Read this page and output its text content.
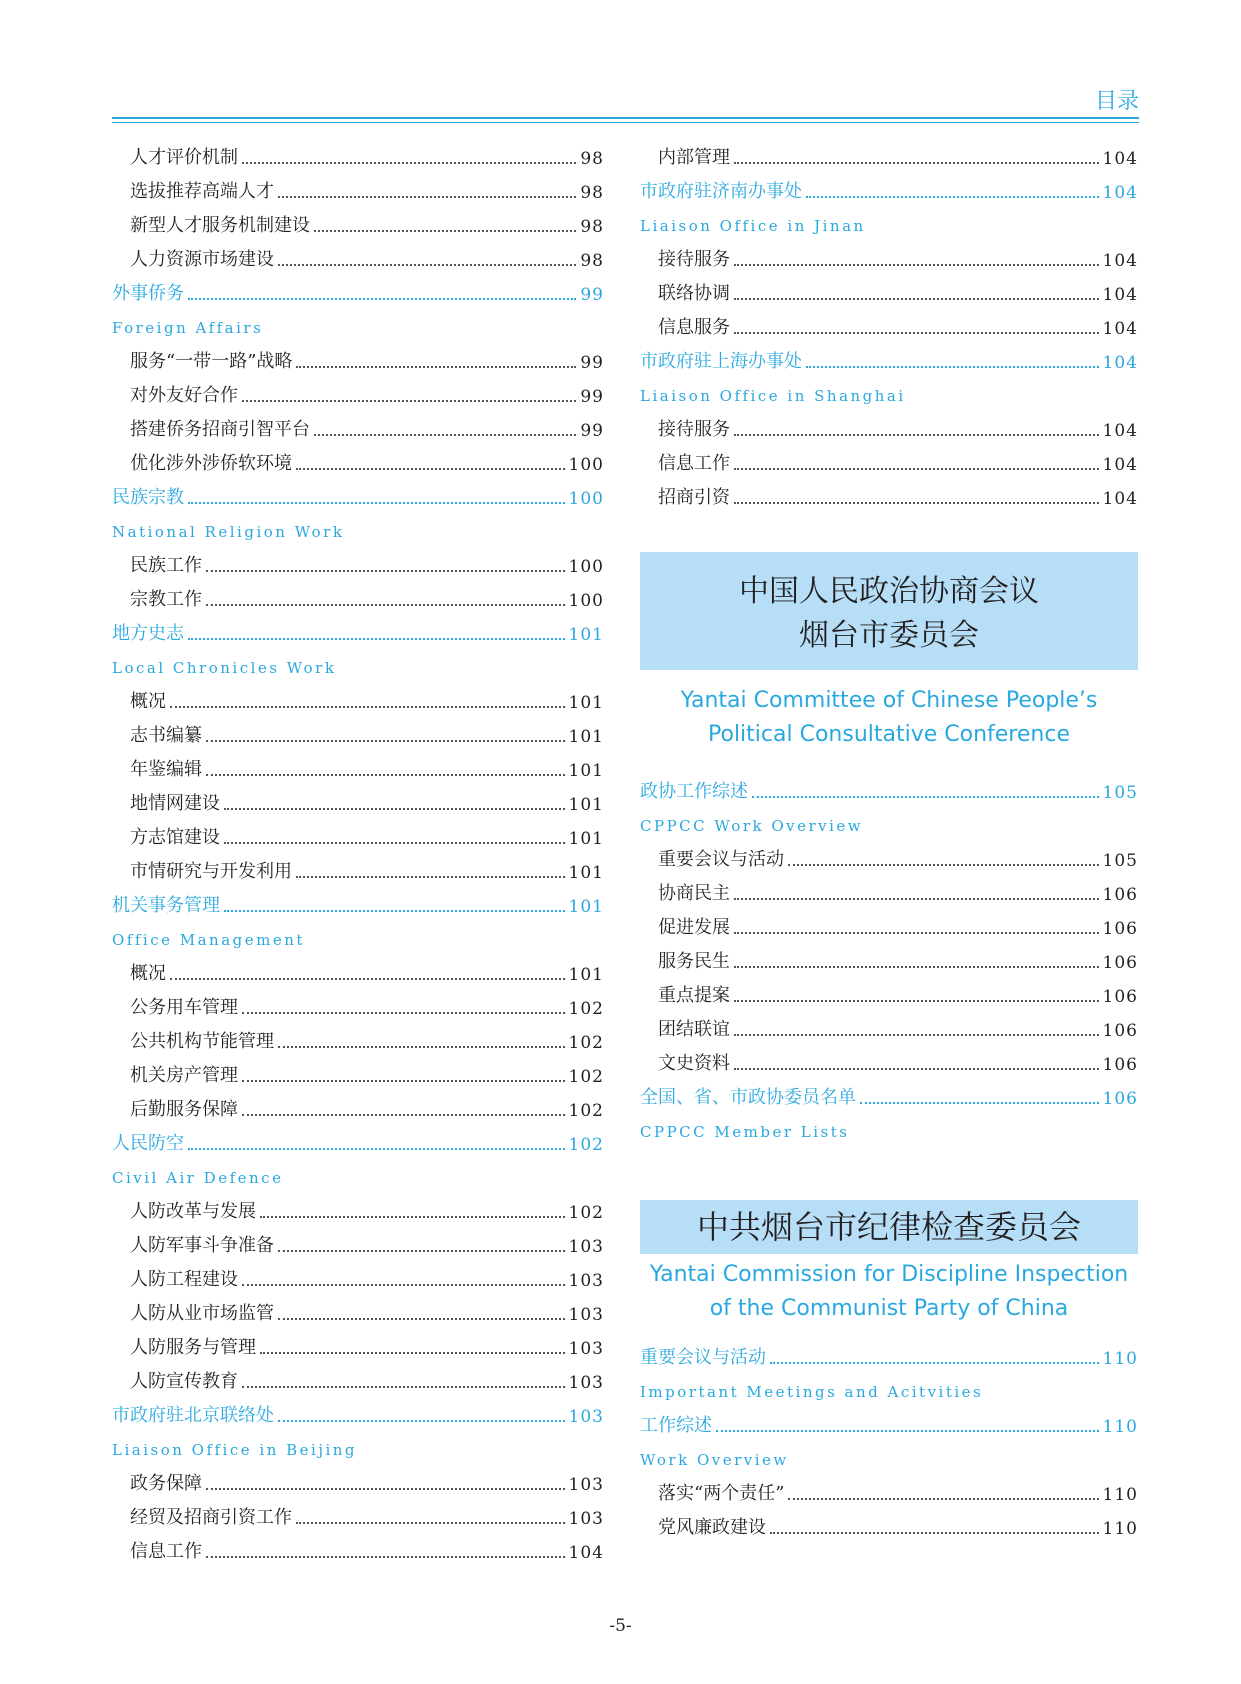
目录
人才评价机制	98
选拔推荐高端人才	98
新型人才服务机制建设	98
人力资源市场建设	98
外事侨务	99
Foreign Affairs
服务“一带一路”战略	99
对外友好合作	99
搭建侨务招商引智平台	99
优化涉外涉侨软环境	100
民族宗教	100
National Religion Work
民族工作	100
宗教工作	100
地方史志	101
Local Chronicles Work
概况	101
志书编纂	101
年鉴编辑	101
地情网建设	101
方志馆建设	101
市情研究与开发利用	101
机关事务管理	101
Office Management
概况	101
公务用车管理	102
公共机构节能管理	102
机关房产管理	102
后勤服务保障	102
人民防空	102
Civil Air Defence
人防改革与发展	102
人防军事斗争准备	103
人防工程建设	103
人防从业市场监管	103
人防服务与管理	103
人防宣传教育	103
市政府驻北京联络处	103
Liaison Office in Beijing
政务保障	103
经贸及招商引资工作	103
信息工作	104
内部管理	104
市政府驻济南办事处	104
Liaison Office in Jinan
接待服务	104
联络协调	104
信息服务	104
市政府驻上海办事处	104
Liaison Office in Shanghai
接待服务	104
信息工作	104
招商引资	104
中国人民政治协商会议
烟台市委员会
Yantai Committee of Chinese People’s
Political Consultative Conference
政协工作综述	105
CPPCC Work Overview
重要会议与活动	105
协商民主	106
促进发展	106
服务民生	106
重点提案	106
团结联谊	106
文史资料	106
全国、省、市政协委员名单	106
CPPCC Member Lists
中共烟台市纪律检查委员会
Yantai Commission for Discipline Inspection
of the Communist Party of China
重要会议与活动	110
Important Meetings and Acitvities
工作综述	110
Work Overview
落实“两个责任”	110
党风廉政建设	110
-5-
